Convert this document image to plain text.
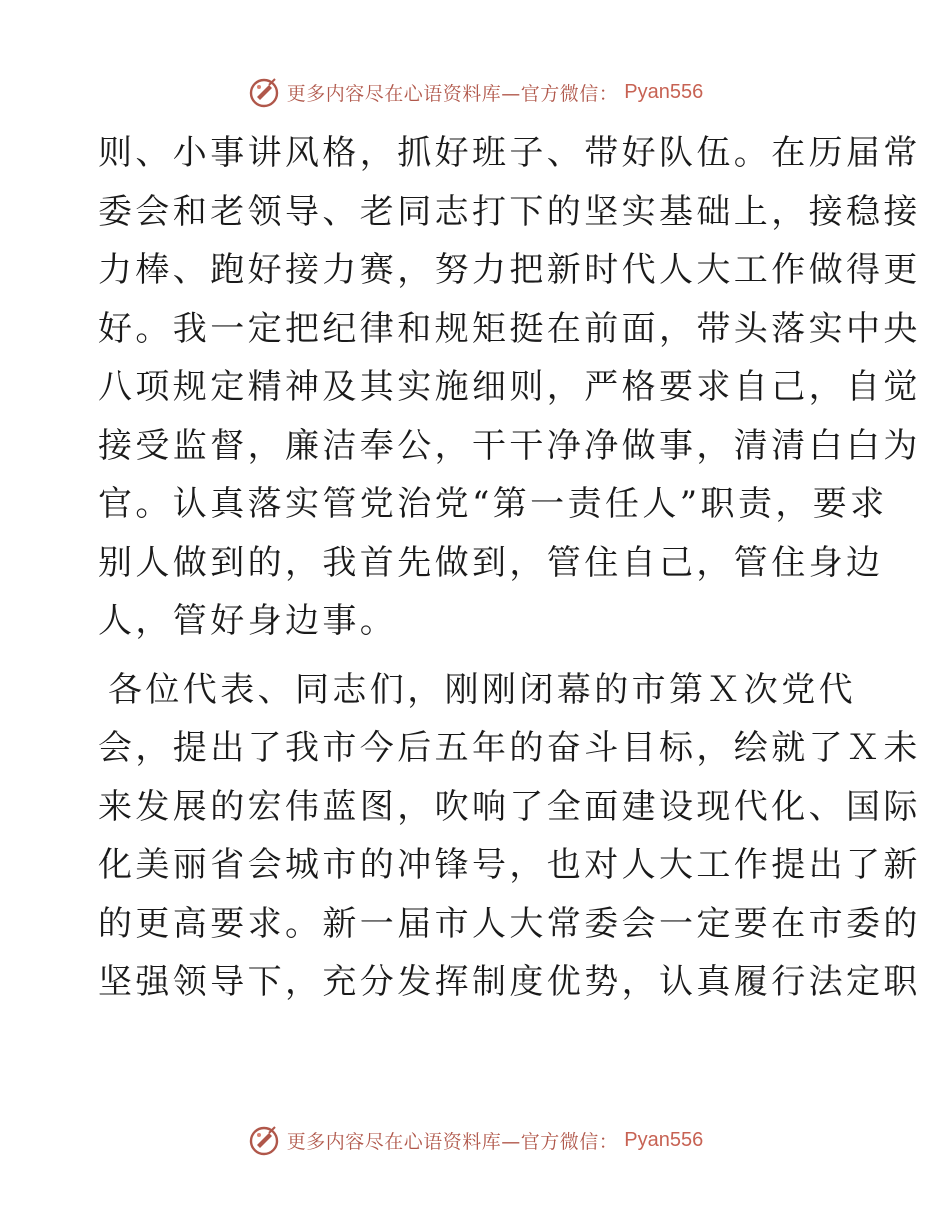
更多内容尽在心语资料库—官方微信： Pyan556
则、小事讲风格，抓好班子、带好队伍。在历届常
委会和老领导、老同志打下的坚实基础上，接稳接
力棒、跑好接力赛，努力把新时代人大工作做得更
好。我一定把纪律和规矩挺在前面，带头落实中央
八项规定精神及其实施细则，严格要求自己，自觉
接受监督，廉洁奉公，干干净净做事，清清白白为
官。认真落实管党治党“第一责任人”职责，要求
别人做到的，我首先做到，管住自己，管住身边
人，管好身边事。
各位代表、同志们，刚刚闭幕的市第Ｘ次党代
会，提出了我市今后五年的奋斗目标，绘就了Ｘ未
来发展的宏伟蓝图，吹响了全面建设现代化、国际
化美丽省会城市的冲锋号，也对人大工作提出了新
的更高要求。新一届市人大常委会一定要在市委的
坚强领导下，充分发挥制度优势，认真履行法定职
更多内容尽在心语资料库—官方微信： Pyan556
